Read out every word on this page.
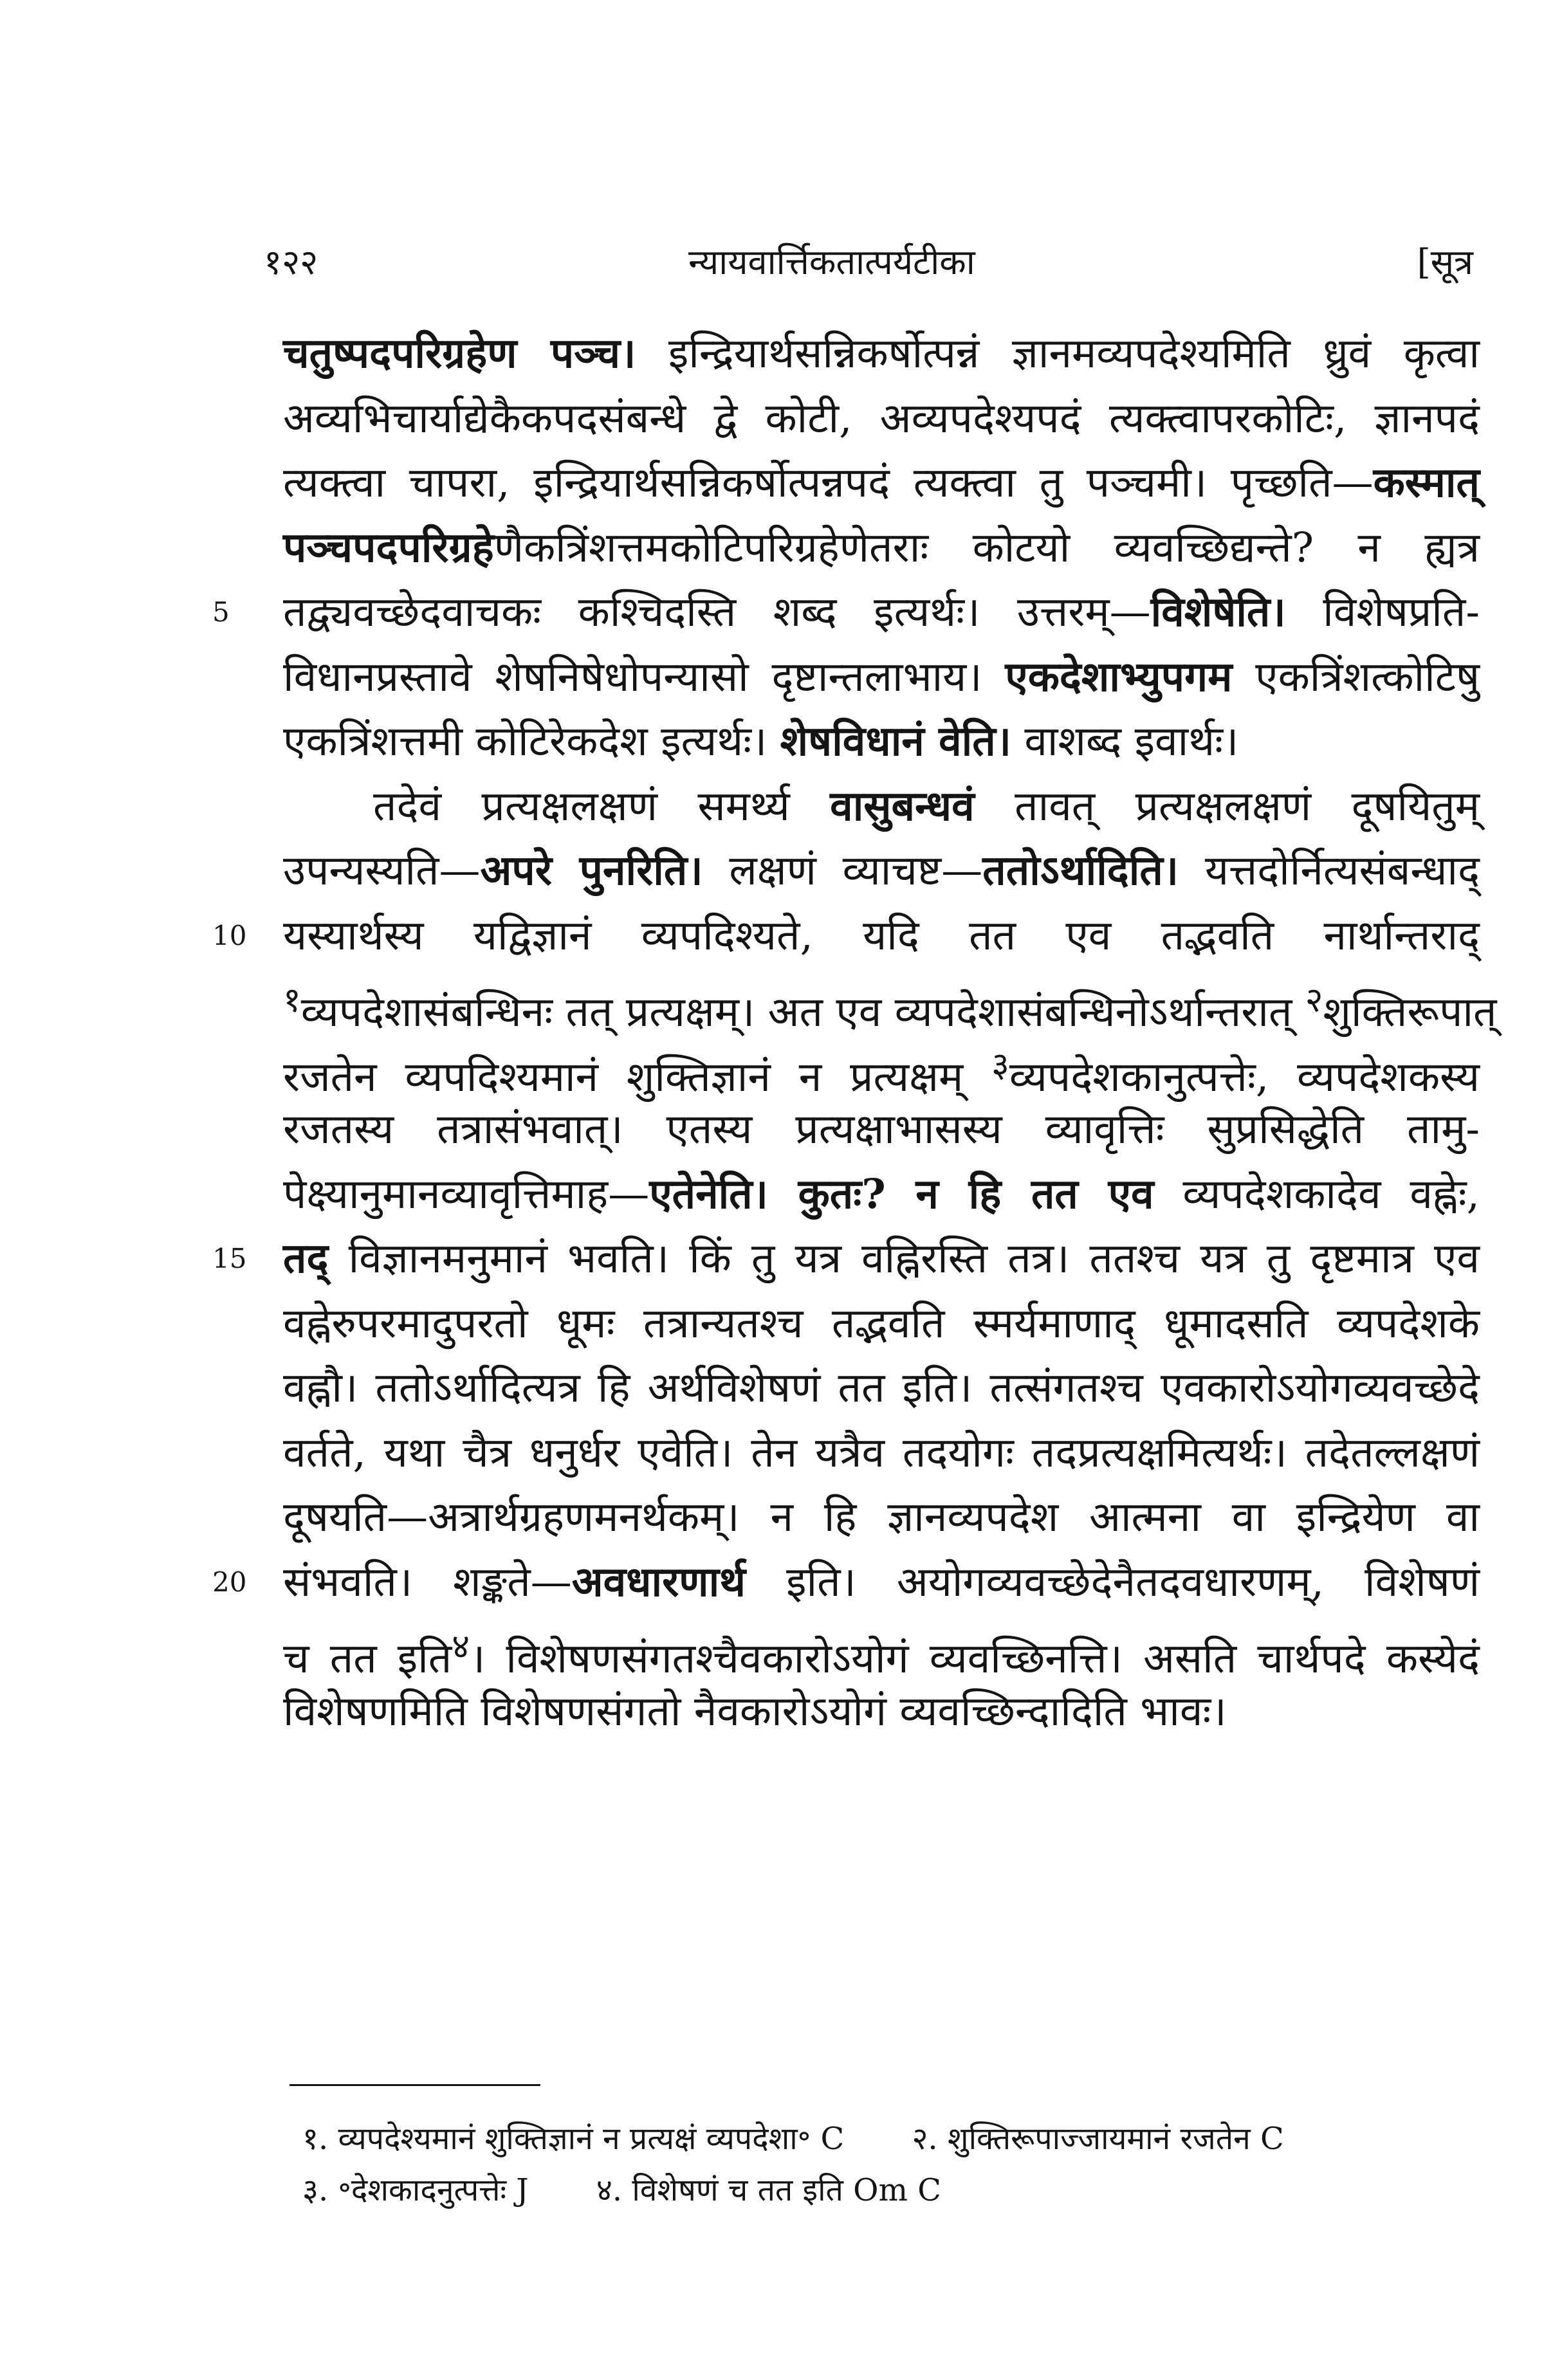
१२२	न्यायवार्त्तिकतात्पर्यटीका	[सूत्र
चतुष्पदपरिग्रहेण पञ्च। इन्द्रियार्थसन्निकर्षोत्पन्नं ज्ञानमव्यपदेश्यमिति ध्रुवं कृत्वा
अव्यभिचार्याद्येकैकपदसंबन्धे द्वे कोटी, अव्यपदेश्यपदं त्यक्त्वापरकोटिः, ज्ञानपदं
त्यक्त्वा चापरा, इन्द्रियार्थसन्निकर्षोत्पन्नपदं त्यक्त्वा तु पञ्चमी। पृच्छति—कस्मात्
पञ्चपदपरिग्रहेणैकत्रिंशत्तमकोटिपरिग्रहेणेतराः कोटयो व्यवच्छिद्यन्ते? न ह्यत्र
5 तद्व्यवच्छेदवाचकः कश्चिदस्ति शब्द इत्यर्थः। उत्तरम्—विशेषेति। विशेषप्रति-
विधानप्रस्तावे शेषनिषेधोपन्यासो दृष्टान्तलाभाय। एकदेशाभ्युपगम एकत्रिंशत्कोटिषु
एकत्रिंशत्तमी कोटिरेकदेश इत्यर्थः। शेषविधानं वेति। वाशब्द इवार्थः।
तदेवं प्रत्यक्षलक्षणं समर्थ्य वासुबन्धवं तावत् प्रत्यक्षलक्षणं दूषयितुम्
उपन्यस्यति—अपरे पुनरिति। लक्षणं व्याचष्ट—ततोऽर्थादिति। यत्तदोर्नित्यसंबन्धाद्
10 यस्यार्थस्य यद्विज्ञानं व्यपदिश्यते, यदि तत एव तद्भवति नार्थान्तराद्
$^१$व्यपदेशासंबन्धिनः तत् प्रत्यक्षम्। अत एव व्यपदेशासंबन्धिनोऽर्थान्तरात् $^२$शुक्तिरूपात्
रजतेन व्यपदिश्यमानं शुक्तिज्ञानं न प्रत्यक्षम् $^३$व्यपदेशकानुत्पत्तेः, व्यपदेशकस्य
रजतस्य तत्रासंभवात्। एतस्य प्रत्यक्षाभासस्य व्यावृत्तिः सुप्रसिद्धेति तामु-
पेक्ष्यानुमानव्यावृत्तिमाह—एतेनेति। कुतः? न हि तत एव व्यपदेशकादेव वह्नेः,
15 तद् विज्ञानमनुमानं भवति। किं तु यत्र वह्निरस्ति तत्र। ततश्च यत्र तु दृष्टमात्र एव
वह्नेरुपरमादुपरतो धूमः तत्रान्यतश्च तद्भवति स्मर्यमाणाद् धूमादसति व्यपदेशके
वह्नौ। ततोऽर्थादित्यत्र हि अर्थविशेषणं तत इति। तत्संगतश्च एवकारोऽयोगव्यवच्छेदे
वर्तते, यथा चैत्र धनुर्धर एवेति। तेन यत्रैव तदयोगः तदप्रत्यक्षमित्यर्थः। तदेतल्लक्षणं
दूषयति—अत्रार्थग्रहणमनर्थकम्। न हि ज्ञानव्यपदेश आत्मना वा इन्द्रियेण वा
20 संभवति। शङ्कते—अवधारणार्थ इति। अयोगव्यवच्छेदेनैतदवधारणम्, विशेषणं
च तत इति$^४$। विशेषणसंगतश्चैवकारोऽयोगं व्यवच्छिनत्ति। असति चार्थपदे कस्येदं
विशेषणमिति विशेषणसंगतो नैवकारोऽयोगं व्यवच्छिन्दादिति भावः।
१. व्यपदेश्यमानं शुक्तिज्ञानं न प्रत्यक्षं व्यपदेशा॰ C २. शुक्तिरूपाज्जायमानं रजतेन C
३. ॰देशकादनुत्पत्तेः J ४. विशेषणं च तत इति Om C
